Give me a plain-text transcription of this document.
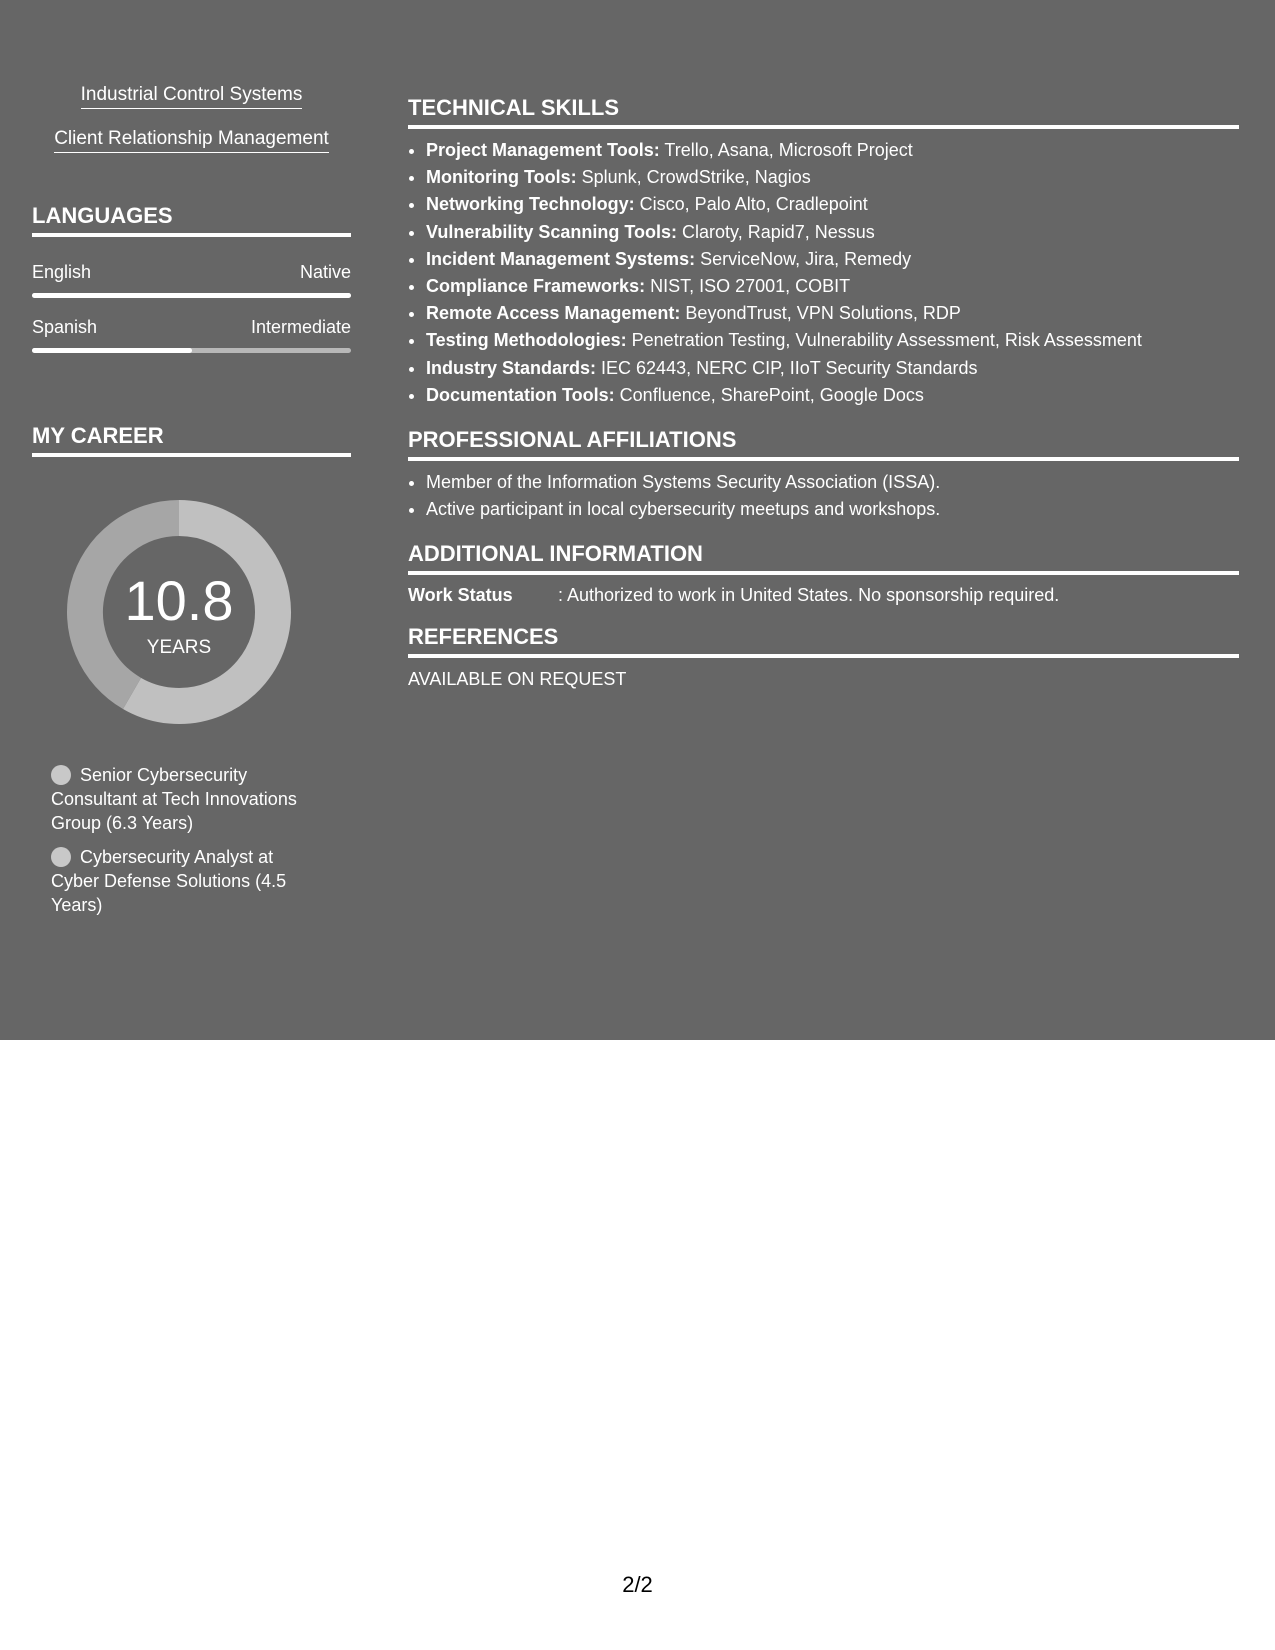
Industrial Control Systems
Client Relationship Management
LANGUAGES
English	Native
Spanish	Intermediate
MY CAREER
10.8
YEARS
Senior Cybersecurity Consultant at Tech Innovations Group (6.3 Years)
Cybersecurity Analyst at Cyber Defense Solutions (4.5 Years)
TECHNICAL SKILLS
• Project Management Tools: Trello, Asana, Microsoft Project
• Monitoring Tools: Splunk, CrowdStrike, Nagios
• Networking Technology: Cisco, Palo Alto, Cradlepoint
• Vulnerability Scanning Tools: Claroty, Rapid7, Nessus
• Incident Management Systems: ServiceNow, Jira, Remedy
• Compliance Frameworks: NIST, ISO 27001, COBIT
• Remote Access Management: BeyondTrust, VPN Solutions, RDP
• Testing Methodologies: Penetration Testing, Vulnerability Assessment, Risk Assessment
• Industry Standards: IEC 62443, NERC CIP, IIoT Security Standards
• Documentation Tools: Confluence, SharePoint, Google Docs
PROFESSIONAL AFFILIATIONS
• Member of the Information Systems Security Association (ISSA).
• Active participant in local cybersecurity meetups and workshops.
ADDITIONAL INFORMATION
Work Status	: Authorized to work in United States. No sponsorship required.
REFERENCES
AVAILABLE ON REQUEST
2/2
